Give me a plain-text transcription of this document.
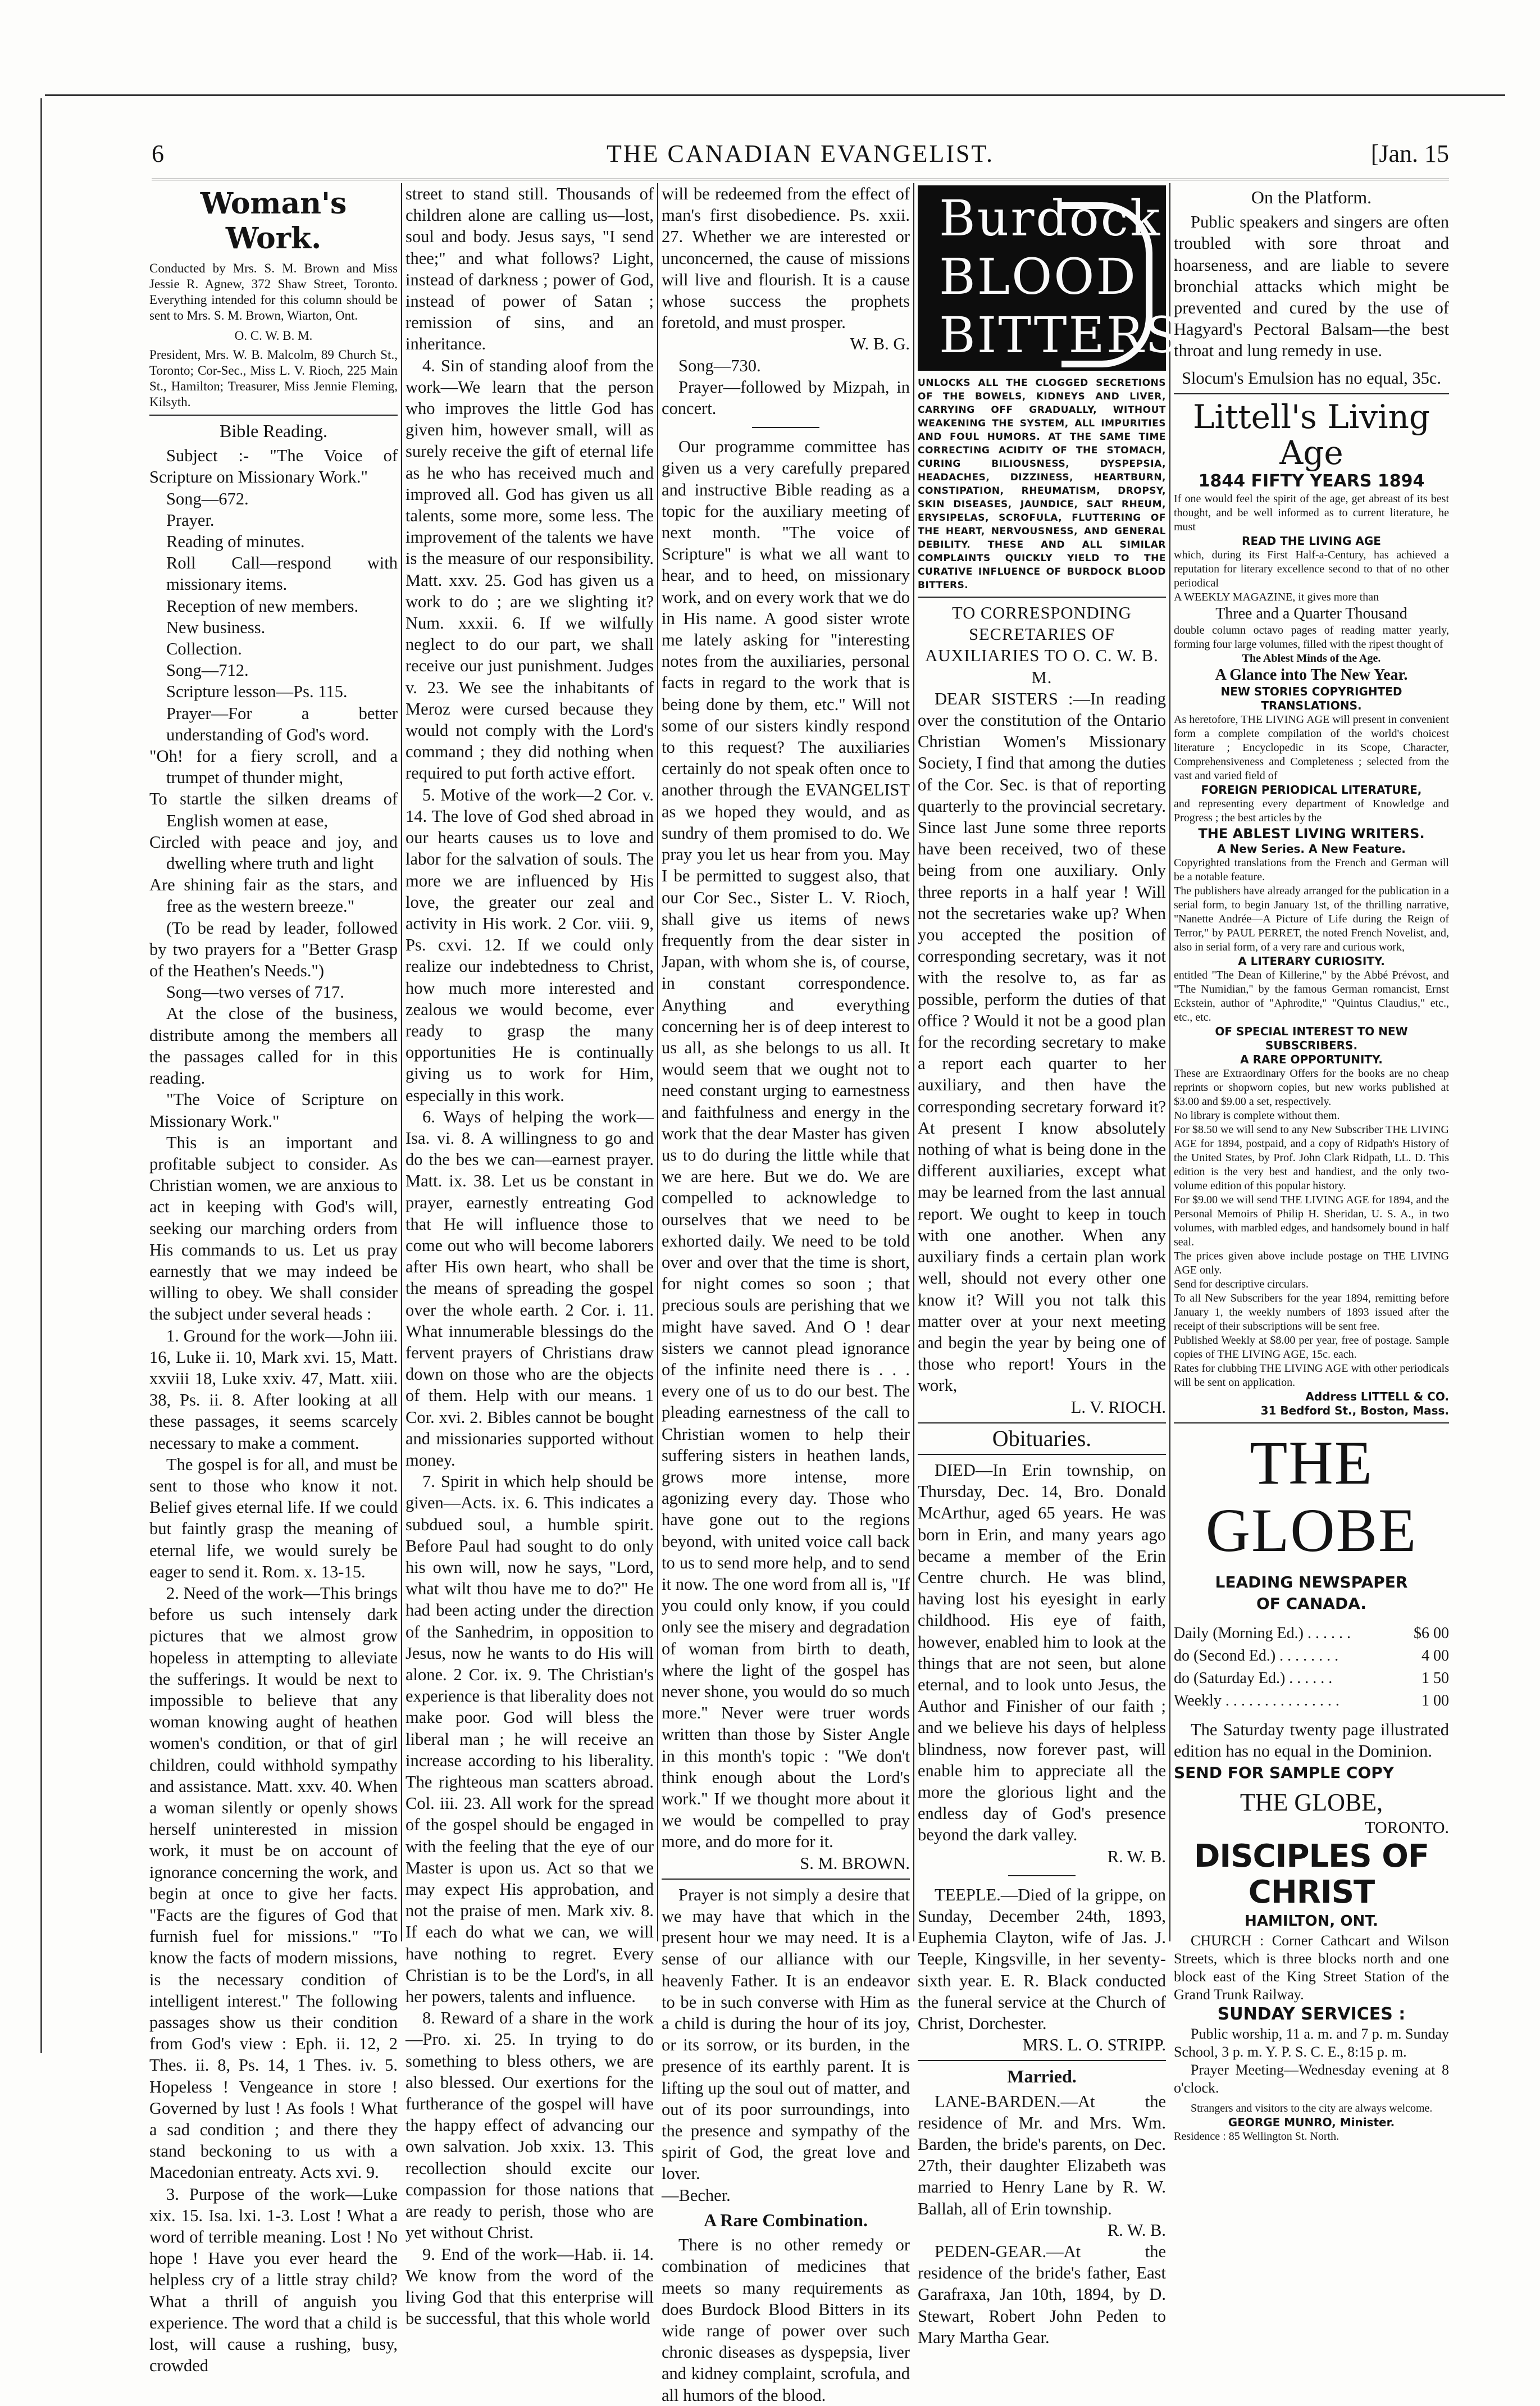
6	THE CANADIAN EVANGELIST.	[Jan. 15
Woman's Work.

Conducted by Mrs. S. M. Brown and Miss Jessie R. Agnew, 372 Shaw Street, Toronto. Everything intended for this column should be sent to Mrs. S. M. Brown, Wiarton, Ont.

O. C. W. B. M.

President, Mrs. W. B. Malcolm, 89 Church St., Toronto; Cor-Sec., Miss L. V. Rioch, 225 Main St., Hamilton; Treasurer, Miss Jennie Fleming, Kilsyth.

Bible Reading.

Subject :- "The Voice of Scripture on Missionary Work."

Song—672.

Prayer.

Reading of minutes.

Roll Call—respond with missionary items.

Reception of new members.

New business.

Collection.

Song—712.

Scripture lesson—Ps. 115.

Prayer—For a better understanding of God's word.

"Oh! for a fiery scroll, and a trumpet of thunder might,

To startle the silken dreams of English women at ease,

Circled with peace and joy, and dwelling where truth and light

Are shining fair as the stars, and free as the western breeze."

(To be read by leader, followed by two prayers for a "Better Grasp of the Heathen's Needs.")

Song—two verses of 717.

At the close of the business, distribute among the members all the passages called for in this reading.

"The Voice of Scripture on Missionary Work."

This is an important and profitable subject to consider. As Christian women, we are anxious to act in keeping with God's will, seeking our marching orders from His commands to us. Let us pray earnestly that we may indeed be willing to obey. We shall consider the subject under several heads :

1. Ground for the work—John iii. 16, Luke ii. 10, Mark xvi. 15, Matt. xxviii 18, Luke xxiv. 47, Matt. xiii. 38, Ps. ii. 8. After looking at all these passages, it seems scarcely necessary to make a comment.

The gospel is for all, and must be sent to those who know it not. Belief gives eternal life. If we could but faintly grasp the meaning of eternal life, we would surely be eager to send it. Rom. x. 13-15.

2. Need of the work—This brings before us such intensely dark pictures that we almost grow hopeless in attempting to alleviate the sufferings. It would be next to impossible to believe that any woman knowing aught of heathen women's condition, or that of girl children, could withhold sympathy and assistance. Matt. xxv. 40. When a woman silently or openly shows herself uninterested in mission work, it must be on account of ignorance concerning the work, and begin at once to give her facts. "Facts are the figures of God that furnish fuel for missions." "To know the facts of modern missions, is the necessary condition of intelligent interest." The following passages show us their condition from God's view : Eph. ii. 12, 2 Thes. ii. 8, Ps. 14, 1 Thes. iv. 5. Hopeless ! Vengeance in store ! Governed by lust ! As fools ! What a sad condition ; and there they stand beckoning to us with a Macedonian entreaty. Acts xvi. 9.

3. Purpose of the work—Luke xix. 15. Isa. lxi. 1-3. Lost ! What a word of terrible meaning. Lost ! No hope ! Have you ever heard the helpless cry of a little stray child? What a thrill of anguish you experience. The word that a child is lost, will cause a rushing, busy, crowded

street to stand still. Thousands of children alone are calling us—lost, soul and body. Jesus says, "I send thee;" and what follows? Light, instead of darkness ; power of God, instead of power of Satan ; remission of sins, and an inheritance.

4. Sin of standing aloof from the work—We learn that the person who improves the little God has given him, however small, will as surely receive the gift of eternal life as he who has received much and improved all. God has given us all talents, some more, some less. The improvement of the talents we have is the measure of our responsibility. Matt. xxv. 25. God has given us a work to do ; are we slighting it? Num. xxxii. 6. If we wilfully neglect to do our part, we shall receive our just punishment. Judges v. 23. We see the inhabitants of Meroz were cursed because they would not comply with the Lord's command ; they did nothing when required to put forth active effort.

5. Motive of the work—2 Cor. v. 14. The love of God shed abroad in our hearts causes us to love and labor for the salvation of souls. The more we are influenced by His love, the greater our zeal and activity in His work. 2 Cor. viii. 9, Ps. cxvi. 12. If we could only realize our indebtedness to Christ, how much more interested and zealous we would become, ever ready to grasp the many opportunities He is continually giving us to work for Him, especially in this work.

6. Ways of helping the work—Isa. vi. 8. A willingness to go and do the bes we can—earnest prayer. Matt. ix. 38. Let us be constant in prayer, earnestly entreating God that He will influence those to come out who will become laborers after His own heart, who shall be the means of spreading the gospel over the whole earth. 2 Cor. i. 11. What innumerable blessings do the fervent prayers of Christians draw down on those who are the objects of them. Help with our means. 1 Cor. xvi. 2. Bibles cannot be bought and missionaries supported without money.

7. Spirit in which help should be given—Acts. ix. 6. This indicates a subdued soul, a humble spirit. Before Paul had sought to do only his own will, now he says, "Lord, what wilt thou have me to do?" He had been acting under the direction of the Sanhedrim, in opposition to Jesus, now he wants to do His will alone. 2 Cor. ix. 9. The Christian's experience is that liberality does not make poor. God will bless the liberal man ; he will receive an increase according to his liberality. The righteous man scatters abroad. Col. iii. 23. All work for the spread of the gospel should be engaged in with the feeling that the eye of our Master is upon us. Act so that we may expect His approbation, and not the praise of men. Mark xiv. 8. If each do what we can, we will have nothing to regret. Every Christian is to be the Lord's, in all her powers, talents and influence.

8. Reward of a share in the work—Pro. xi. 25. In trying to do something to bless others, we are also blessed. Our exertions for the furtherance of the gospel will have the happy effect of advancing our own salvation. Job xxix. 13. This recollection should excite our compassion for those nations that are ready to perish, those who are yet without Christ.

9. End of the work—Hab. ii. 14. We know from the word of the living God that this enterprise will be successful, that this whole world

will be redeemed from the effect of man's first disobedience. Ps. xxii. 27. Whether we are interested or unconcerned, the cause of missions will live and flourish. It is a cause whose success the prophets foretold, and must prosper.

W. B. G.

Song—730.

Prayer—followed by Mizpah, in concert.

Our programme committee has given us a very carefully prepared and instructive Bible reading as a topic for the auxiliary meeting of next month. "The voice of Scripture" is what we all want to hear, and to heed, on missionary work, and on every work that we do in His name. A good sister wrote me lately asking for "interesting notes from the auxiliaries, personal facts in regard to the work that is being done by them, etc." Will not some of our sisters kindly respond to this request? The auxiliaries certainly do not speak often once to another through the EVANGELIST as we hoped they would, and as sundry of them promised to do. We pray you let us hear from you. May I be permitted to suggest also, that our Cor Sec., Sister L. V. Rioch, shall give us items of news frequently from the dear sister in Japan, with whom she is, of course, in constant correspondence. Anything and everything concerning her is of deep interest to us all, as she belongs to us all. It would seem that we ought not to need constant urging to earnestness and faithfulness and energy in the work that the dear Master has given us to do during the little while that we are here. But we do. We are compelled to acknowledge to ourselves that we need to be exhorted daily. We need to be told over and over that the time is short, for night comes so soon ; that precious souls are perishing that we might have saved. And O ! dear sisters we cannot plead ignorance of the infinite need there is . . . every one of us to do our best. The pleading earnestness of the call to Christian women to help their suffering sisters in heathen lands, grows more intense, more agonizing every day. Those who have gone out to the regions beyond, with united voice call back to us to send more help, and to send it now. The one word from all is, "If you could only know, if you could only see the misery and degradation of woman from birth to death, where the light of the gospel has never shone, you would do so much more." Never were truer words written than those by Sister Angle in this month's topic : "We don't think enough about the Lord's work." If we thought more about it we would be compelled to pray more, and do more for it.

S. M. BROWN.

Prayer is not simply a desire that we may have that which in the present hour we may need. It is a sense of our alliance with our heavenly Father. It is an endeavor to be in such converse with Him as a child is during the hour of its joy, or its sorrow, or its burden, in the presence of its earthly parent. It is lifting up the soul out of matter, and out of its poor surroundings, into the presence and sympathy of the spirit of God, the great love and lover.

—Becher.

A Rare Combination.

There is no other remedy or combination of medicines that meets so many requirements as does Burdock Blood Bitters in its wide range of power over such chronic diseases as dyspepsia, liver and kidney complaint, scrofula, and all humors of the blood.

Burdock
BLOOD
BITTERS.

UNLOCKS ALL THE CLOGGED SECRETIONS OF THE BOWELS, KIDNEYS AND LIVER, CARRYING OFF GRADUALLY, WITHOUT WEAKENING THE SYSTEM, ALL IMPURITIES AND FOUL HUMORS. AT THE SAME TIME CORRECTING ACIDITY OF THE STOMACH, CURING BILIOUSNESS, DYSPEPSIA, HEADACHES, DIZZINESS, HEARTBURN, CONSTIPATION, RHEUMATISM, DROPSY, SKIN DISEASES, JAUNDICE, SALT RHEUM, ERYSIPELAS, SCROFULA, FLUTTERING OF THE HEART, NERVOUSNESS, AND GENERAL DEBILITY. THESE AND ALL SIMILAR COMPLAINTS QUICKLY YIELD TO THE CURATIVE INFLUENCE OF BURDOCK BLOOD BITTERS.

TO CORRESPONDING SECRETARIES OF AUXILIARIES TO O. C. W. B. M.

DEAR SISTERS :—In reading over the constitution of the Ontario Christian Women's Missionary Society, I find that among the duties of the Cor. Sec. is that of reporting quarterly to the provincial secretary. Since last June some three reports have been received, two of these being from one auxiliary. Only three reports in a half year ! Will not the secretaries wake up? When you accepted the position of corresponding secretary, was it not with the resolve to, as far as possible, perform the duties of that office ? Would it not be a good plan for the recording secretary to make a report each quarter to her auxiliary, and then have the corresponding secretary forward it? At present I know absolutely nothing of what is being done in the different auxiliaries, except what may be learned from the last annual report. We ought to keep in touch with one another. When any auxiliary finds a certain plan work well, should not every other one know it? Will you not talk this matter over at your next meeting and begin the year by being one of those who report! Yours in the work,

L. V. RIOCH.

Obituaries.

DIED—In Erin township, on Thursday, Dec. 14, Bro. Donald McArthur, aged 65 years. He was born in Erin, and many years ago became a member of the Erin Centre church. He was blind, having lost his eyesight in early childhood. His eye of faith, however, enabled him to look at the things that are not seen, but alone eternal, and to look unto Jesus, the Author and Finisher of our faith ; and we believe his days of helpless blindness, now forever past, will enable him to appreciate all the more the glorious light and the endless day of God's presence beyond the dark valley.

R. W. B.

TEEPLE.—Died of la grippe, on Sunday, December 24th, 1893, Euphemia Clayton, wife of Jas. J. Teeple, Kingsville, in her seventy-sixth year. E. R. Black conducted the funeral service at the Church of Christ, Dorchester.

MRS. L. O. STRIPP.

Married.

LANE-BARDEN.—At the residence of Mr. and Mrs. Wm. Barden, the bride's parents, on Dec. 27th, their daughter Elizabeth was married to Henry Lane by R. W. Ballah, all of Erin township.

R. W. B.

PEDEN-GEAR.—At the residence of the bride's father, East Garafraxa, Jan 10th, 1894, by D. Stewart, Robert John Peden to Mary Martha Gear.

On the Platform.

Public speakers and singers are often troubled with sore throat and hoarseness, and are liable to severe bronchial attacks which might be prevented and cured by the use of Hagyard's Pectoral Balsam—the best throat and lung remedy in use.

Slocum's Emulsion has no equal, 35c.

Littell's Living Age
1844 FIFTY YEARS 1894

If one would feel the spirit of the age, get abreast of its best thought, and be well informed as to current literature, he must

READ THE LIVING AGE

which, during its First Half-a-Century, has achieved a reputation for literary excellence second to that of no other periodical

A WEEKLY MAGAZINE, it gives more than

Three and a Quarter Thousand

double column octavo pages of reading matter yearly, forming four large volumes, filled with the ripest thought of

The Ablest Minds of the Age.

A Glance into The New Year.

NEW STORIES COPYRIGHTED TRANSLATIONS.

As heretofore, THE LIVING AGE will present in convenient form a complete compilation of the world's choicest literature ; Encyclopedic in its Scope, Character, Comprehensiveness and Completeness ; selected from the vast and varied field of

FOREIGN PERIODICAL LITERATURE,

and representing every department of Knowledge and Progress ; the best articles by the

THE ABLEST LIVING WRITERS.

A New Series. A New Feature.

Copyrighted translations from the French and German will be a notable feature.

The publishers have already arranged for the publication in a serial form, to begin January 1st, of the thrilling narrative, "Nanette Andrée—A Picture of Life during the Reign of Terror," by PAUL PERRET, the noted French Novelist, and, also in serial form, of a very rare and curious work,

A LITERARY CURIOSITY.

entitled "The Dean of Killerine," by the Abbé Prévost, and "The Numidian," by the famous German romancist, Ernst Eckstein, author of "Aphrodite," "Quintus Claudius," etc., etc., etc.

OF SPECIAL INTEREST TO NEW SUBSCRIBERS.

A RARE OPPORTUNITY.

These are Extraordinary Offers for the books are no cheap reprints or shopworn copies, but new works published at $3.00 and $9.00 a set, respectively.

No library is complete without them.

For $8.50 we will send to any New Subscriber THE LIVING AGE for 1894, postpaid, and a copy of Ridpath's History of the United States, by Prof. John Clark Ridpath, LL. D. This edition is the very best and handiest, and the only two-volume edition of this popular history.

For $9.00 we will send THE LIVING AGE for 1894, and the Personal Memoirs of Philip H. Sheridan, U. S. A., in two volumes, with marbled edges, and handsomely bound in half seal.

The prices given above include postage on THE LIVING AGE only.

Send for descriptive circulars.

To all New Subscribers for the year 1894, remitting before January 1, the weekly numbers of 1893 issued after the receipt of their subscriptions will be sent free.

Published Weekly at $8.00 per year, free of postage. Sample copies of THE LIVING AGE, 15c. each.

Rates for clubbing THE LIVING AGE with other periodicals will be sent on application.

Address LITTELL & CO.

31 Bedford St., Boston, Mass.

THE GLOBE

LEADING NEWSPAPER

OF CANADA.

Daily (Morning Ed.) . . . . . .	$6 00
do (Second Ed.) . . . . . . . .	4 00
do (Saturday Ed.) . . . . . .	1 50
Weekly . . . . . . . . . . . . . . .	1 00

The Saturday twenty page illustrated edition has no equal in the Dominion.

SEND FOR SAMPLE COPY

THE GLOBE,

TORONTO.

DISCIPLES OF CHRIST

HAMILTON, ONT.

CHURCH : Corner Cathcart and Wilson Streets, which is three blocks north and one block east of the King Street Station of the Grand Trunk Railway.

SUNDAY SERVICES :

Public worship, 11 a. m. and 7 p. m. Sunday School, 3 p. m. Y. P. S. C. E., 8:15 p. m.

Prayer Meeting—Wednesday evening at 8 o'clock.

Strangers and visitors to the city are always welcome.

GEORGE MUNRO, Minister.

Residence : 85 Wellington St. North.
